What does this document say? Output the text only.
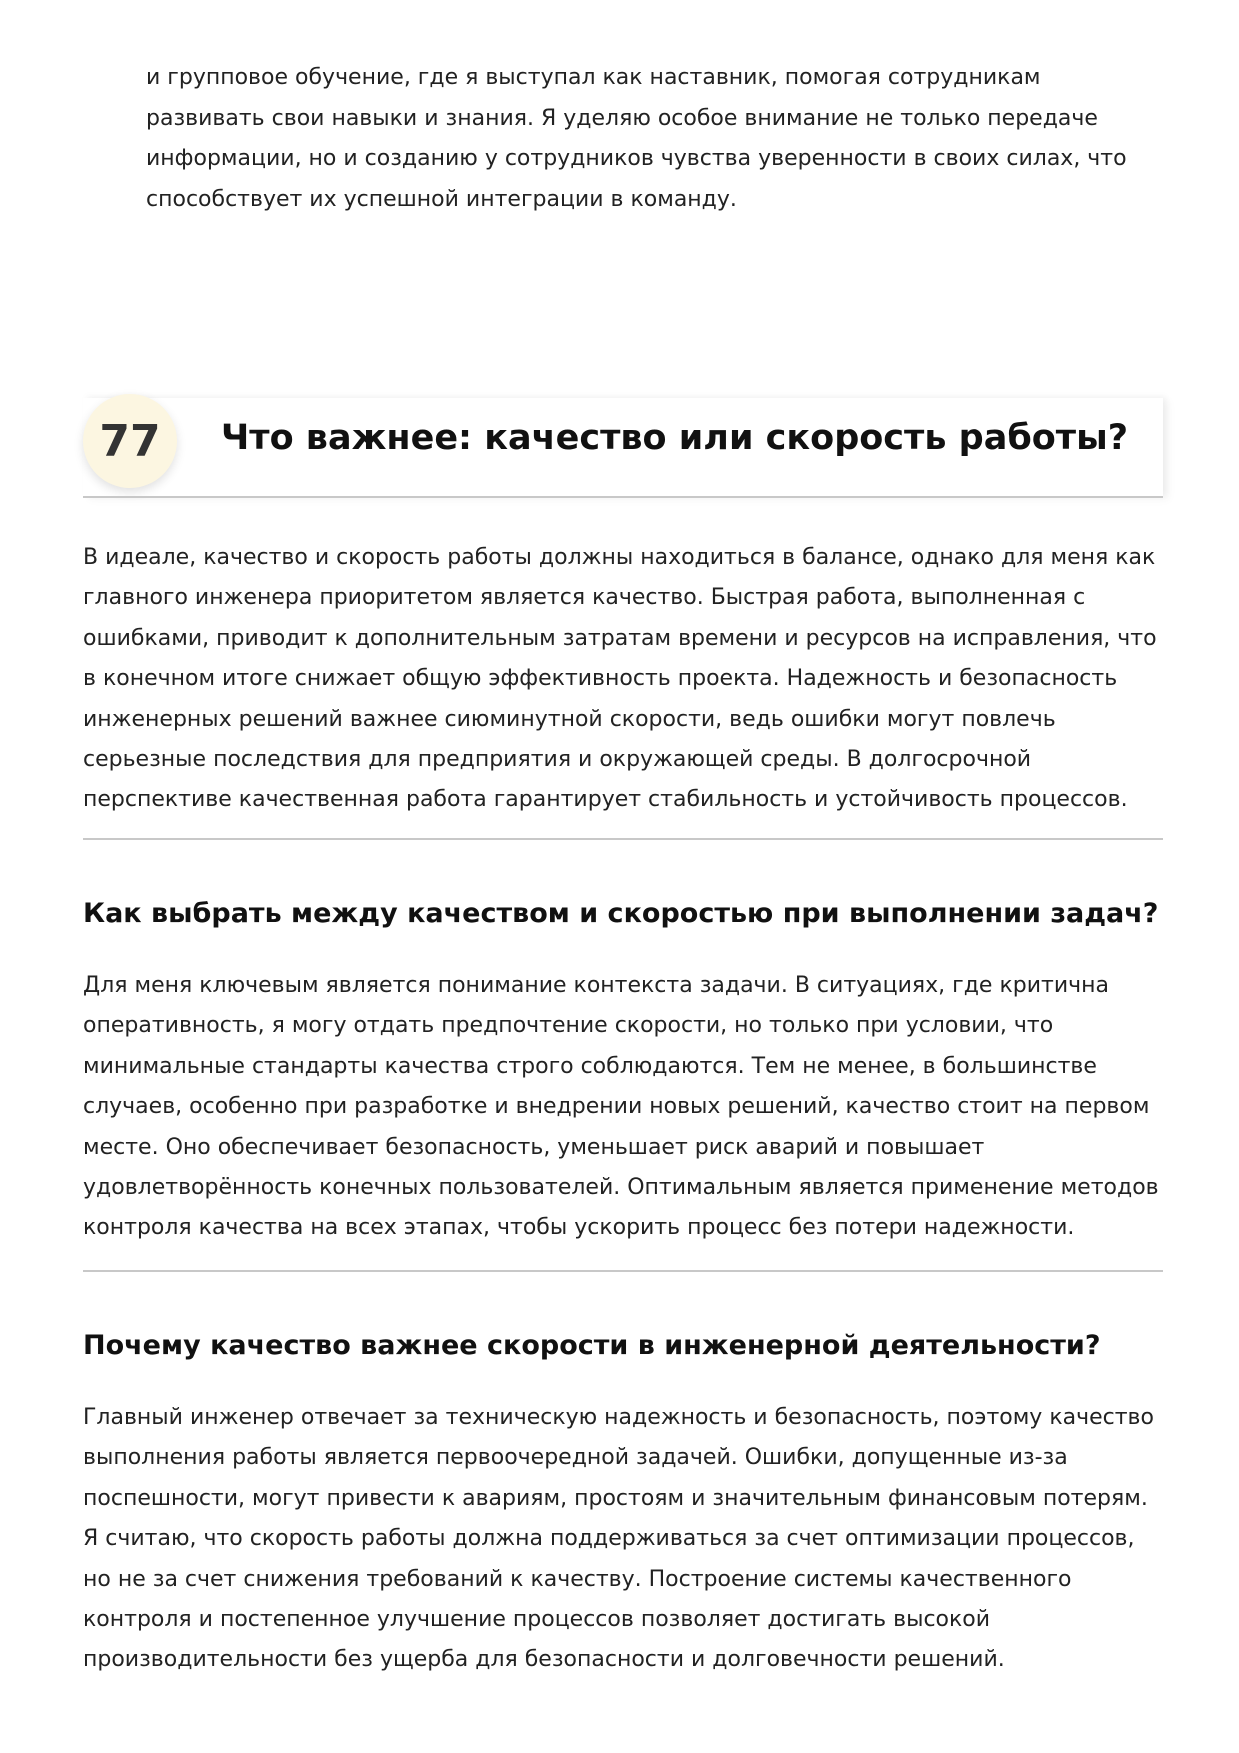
и групповое обучение, где я выступал как наставник, помогая сотрудникам развивать свои навыки и знания. Я уделяю особое внимание не только передаче информации, но и созданию у сотрудников чувства уверенности в своих силах, что способствует их успешной интеграции в команду.

77	Что важнее: качество или скорость работы?

В идеале, качество и скорость работы должны находиться в балансе, однако для меня как главного инженера приоритетом является качество. Быстрая работа, выполненная с ошибками, приводит к дополнительным затратам времени и ресурсов на исправления, что в конечном итоге снижает общую эффективность проекта. Надежность и безопасность инженерных решений важнее сиюминутной скорости, ведь ошибки могут повлечь серьезные последствия для предприятия и окружающей среды. В долгосрочной перспективе качественная работа гарантирует стабильность и устойчивость процессов.

Как выбрать между качеством и скоростью при выполнении задач?

Для меня ключевым является понимание контекста задачи. В ситуациях, где критична оперативность, я могу отдать предпочтение скорости, но только при условии, что минимальные стандарты качества строго соблюдаются. Тем не менее, в большинстве случаев, особенно при разработке и внедрении новых решений, качество стоит на первом месте. Оно обеспечивает безопасность, уменьшает риск аварий и повышает удовлетворённость конечных пользователей. Оптимальным является применение методов контроля качества на всех этапах, чтобы ускорить процесс без потери надежности.

Почему качество важнее скорости в инженерной деятельности?

Главный инженер отвечает за техническую надежность и безопасность, поэтому качество выполнения работы является первоочередной задачей. Ошибки, допущенные из-за поспешности, могут привести к авариям, простоям и значительным финансовым потерям. Я считаю, что скорость работы должна поддерживаться за счет оптимизации процессов, но не за счет снижения требований к качеству. Построение системы качественного контроля и постепенное улучшение процессов позволяет достигать высокой производительности без ущерба для безопасности и долговечности решений.
